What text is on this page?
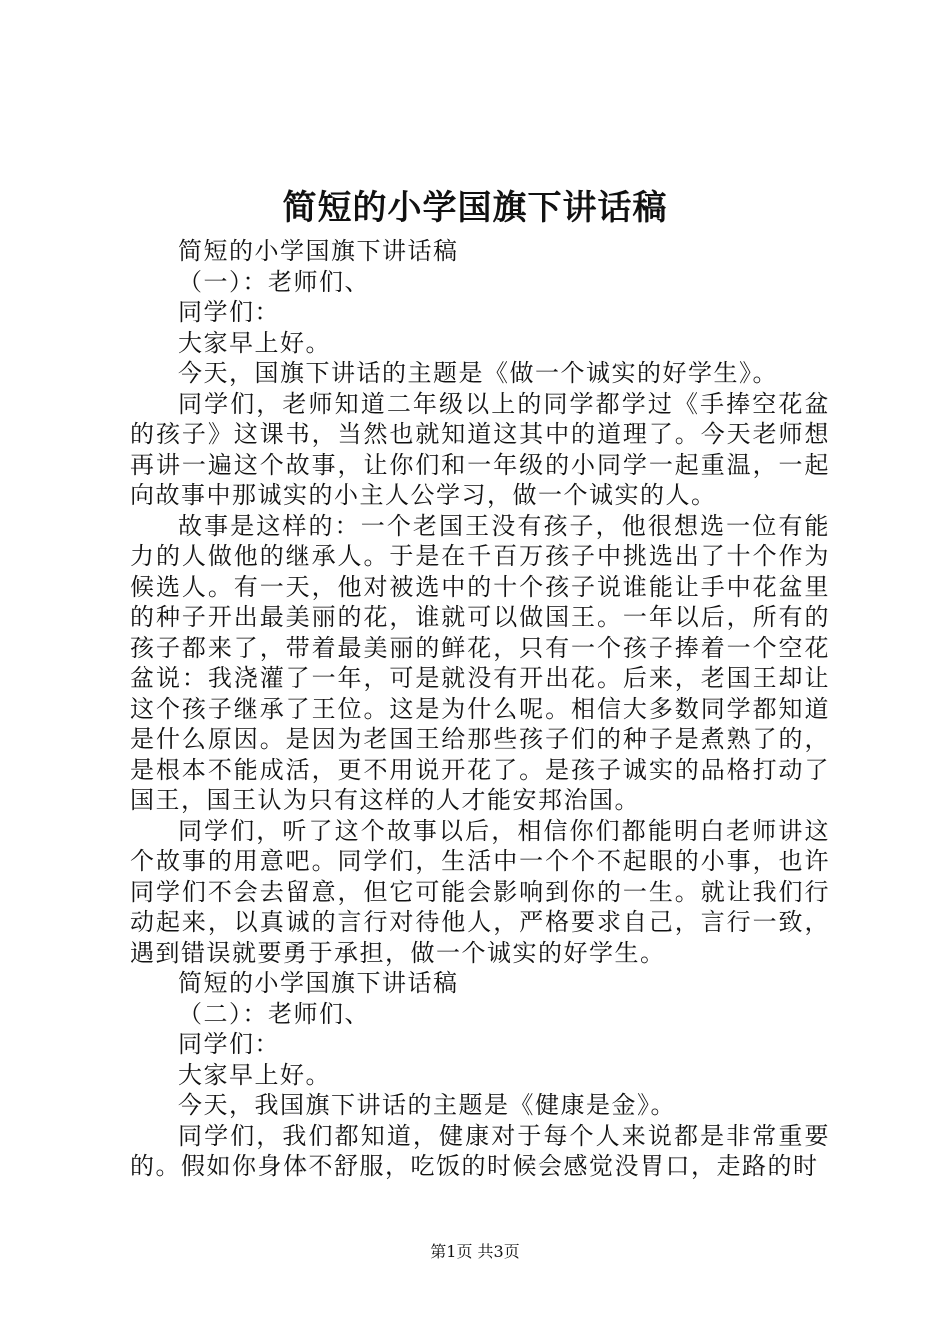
简短的小学国旗下讲话稿

简短的小学国旗下讲话稿

（一）：老师们、

同学们：

大家早上好。

今天，国旗下讲话的主题是《做一个诚实的好学生》。

同学们，老师知道二年级以上的同学都学过《手捧空花盆的孩子》这课书，当然也就知道这其中的道理了。今天老师想再讲一遍这个故事，让你们和一年级的小同学一起重温，一起向故事中那诚实的小主人公学习，做一个诚实的人。

故事是这样的：一个老国王没有孩子，他很想选一位有能力的人做他的继承人。于是在千百万孩子中挑选出了十个作为候选人。有一天，他对被选中的十个孩子说谁能让手中花盆里的种子开出最美丽的花，谁就可以做国王。一年以后，所有的孩子都来了，带着最美丽的鲜花，只有一个孩子捧着一个空花盆说：我浇灌了一年，可是就没有开出花。后来，老国王却让这个孩子继承了王位。这是为什么呢。相信大多数同学都知道是什么原因。是因为老国王给那些孩子们的种子是煮熟了的，是根本不能成活，更不用说开花了。是孩子诚实的品格打动了国王，国王认为只有这样的人才能安邦治国。

同学们，听了这个故事以后，相信你们都能明白老师讲这个故事的用意吧。同学们，生活中一个个不起眼的小事，也许同学们不会去留意，但它可能会影响到你的一生。就让我们行动起来，以真诚的言行对待他人，严格要求自己，言行一致，遇到错误就要勇于承担，做一个诚实的好学生。

简短的小学国旗下讲话稿

（二）：老师们、

同学们：

大家早上好。

今天，我国旗下讲话的主题是《健康是金》。

同学们，我们都知道，健康对于每个人来说都是非常重要的。假如你身体不舒服，吃饭的时候会感觉没胃口，走路的时

第1页 共3页
